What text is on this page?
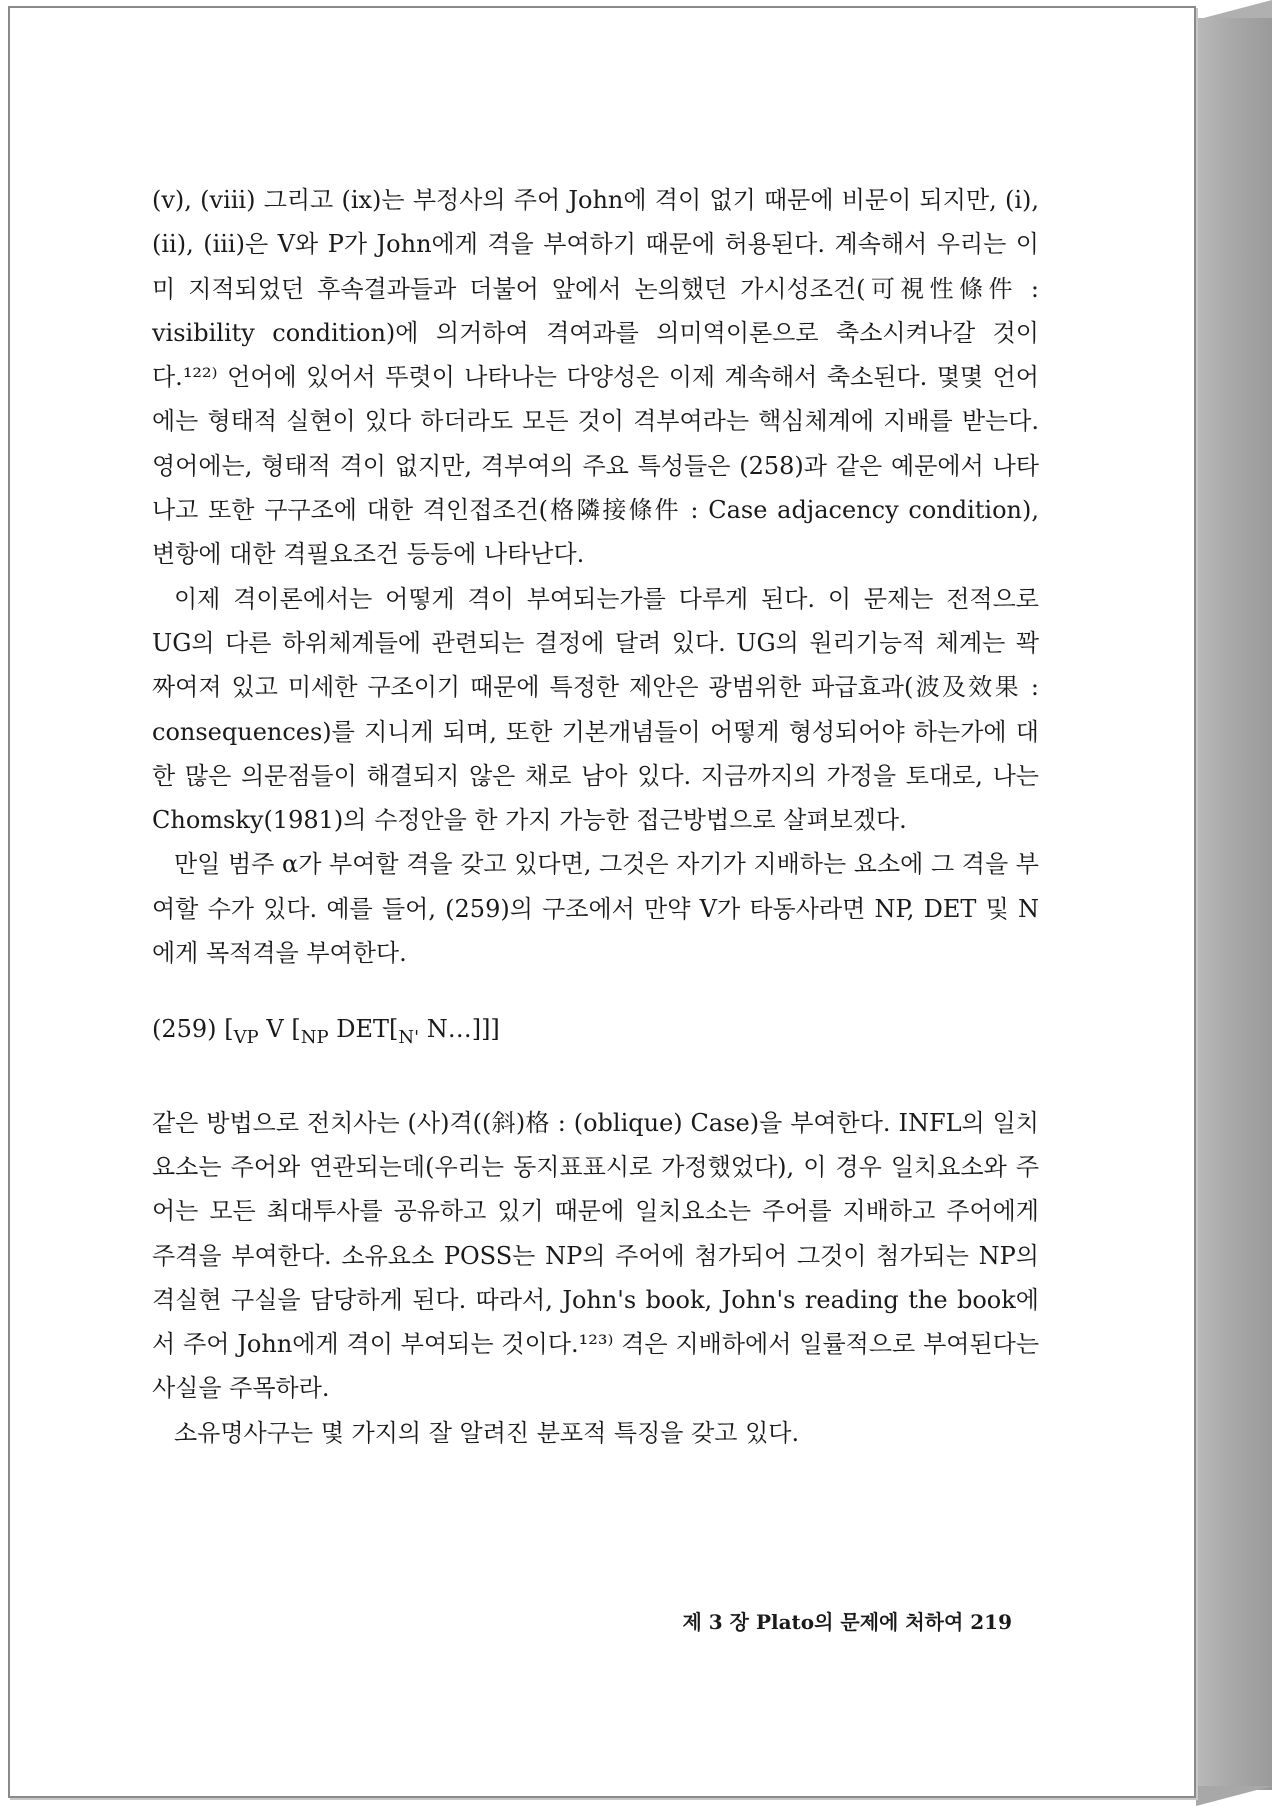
(v), (viii) 그리고 (ix)는 부정사의 주어 John에 격이 없기 때문에 비문이 되지만, (i), (ii), (iii)은 V와 P가 John에게 격을 부여하기 때문에 허용된다. 계속해서 우리는 이미 지적되었던 후속결과들과 더불어 앞에서 논의했던 가시성조건(可視性條件 : visibility condition)에 의거하여 격여과를 의미역이론으로 축소시켜나갈 것이다.¹²²⁾ 언어에 있어서 뚜렷이 나타나는 다양성은 이제 계속해서 축소된다. 몇몇 언어에는 형태적 실현이 있다 하더라도 모든 것이 격부여라는 핵심체계에 지배를 받는다. 영어에는, 형태적 격이 없지만, 격부여의 주요 특성들은 (258)과 같은 예문에서 나타나고 또한 구구조에 대한 격인접조건(格隣接條件 : Case adjacency condition), 변항에 대한 격필요조건 등등에 나타난다.

이제 격이론에서는 어떻게 격이 부여되는가를 다루게 된다. 이 문제는 전적으로 UG의 다른 하위체계들에 관련되는 결정에 달려 있다. UG의 원리기능적 체계는 꽉 짜여져 있고 미세한 구조이기 때문에 특정한 제안은 광범위한 파급효과(波及效果 : consequences)를 지니게 되며, 또한 기본개념들이 어떻게 형성되어야 하는가에 대한 많은 의문점들이 해결되지 않은 채로 남아 있다. 지금까지의 가정을 토대로, 나는 Chomsky(1981)의 수정안을 한 가지 가능한 접근방법으로 살펴보겠다.

만일 범주 α가 부여할 격을 갖고 있다면, 그것은 자기가 지배하는 요소에 그 격을 부여할 수가 있다. 예를 들어, (259)의 구조에서 만약 V가 타동사라면 NP, DET 및 N에게 목적격을 부여한다.

(259) [$_{VP}$ V [$_{NP}$ $DET[_{N'}$ N…]]]

같은 방법으로 전치사는 (사)격((斜)格 : (oblique) Case)을 부여한다. INFL의 일치요소는 주어와 연관되는데(우리는 동지표표시로 가정했었다), 이 경우 일치요소와 주어는 모든 최대투사를 공유하고 있기 때문에 일치요소는 주어를 지배하고 주어에게 주격을 부여한다. 소유요소 POSS는 NP의 주어에 첨가되어 그것이 첨가되는 NP의 격실현 구실을 담당하게 된다. 따라서, John's book, John's reading the book에서 주어 John에게 격이 부여되는 것이다.¹²³⁾ 격은 지배하에서 일률적으로 부여된다는 사실을 주목하라.

소유명사구는 몇 가지의 잘 알려진 분포적 특징을 갖고 있다.

제 3 장 Plato의 문제에 처하여 219
